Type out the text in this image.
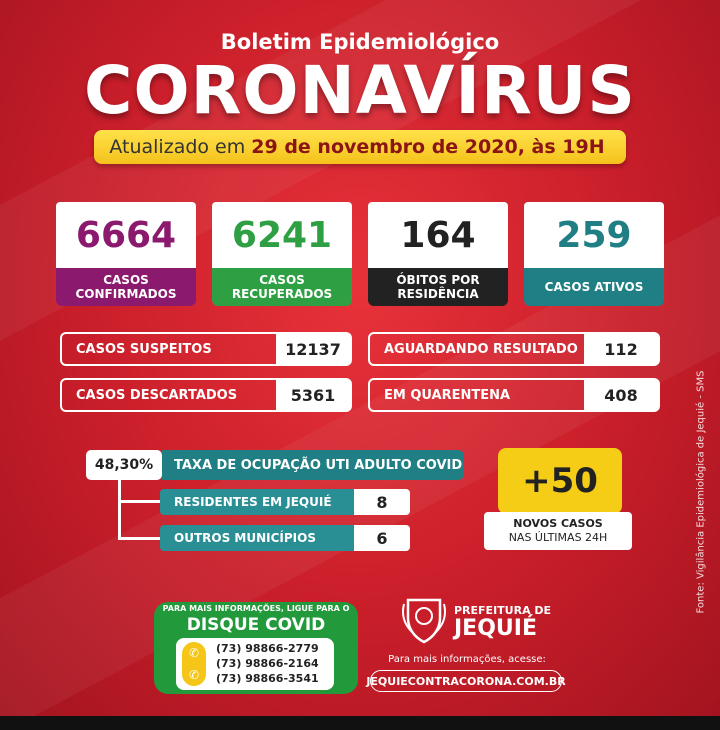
Boletim Epidemiológico
CORONAVÍRUS
Atualizado em 29 de novembro de 2020, às 19H
6664
CASOS CONFIRMADOS
6241
CASOS RECUPERADOS
164
ÓBITOS POR RESIDÊNCIA
259
CASOS ATIVOS
CASOS SUSPEITOS	12137
CASOS DESCARTADOS	5361
AGUARDANDO RESULTADO	112
EM QUARENTENA	408
48,30%	TAXA DE OCUPAÇÃO UTI ADULTO COVID
RESIDENTES EM JEQUIÉ	8
OUTROS MUNICÍPIOS	6
+50
NOVOS CASOS
NAS ÚLTIMAS 24H	Fonte: Vigilância Epidemiológica de Jequié - SMS
PARA MAIS INFORMAÇÕES, LIGUE PARA O
DISQUE COVID
✆
✆
(73) 98866-2779
(73) 98866-2164
(73) 98866-3541
PREFEITURA DE
JEQUIÉ
Para mais informações, acesse:
JEQUIECONTRACORONA.COM.BR
